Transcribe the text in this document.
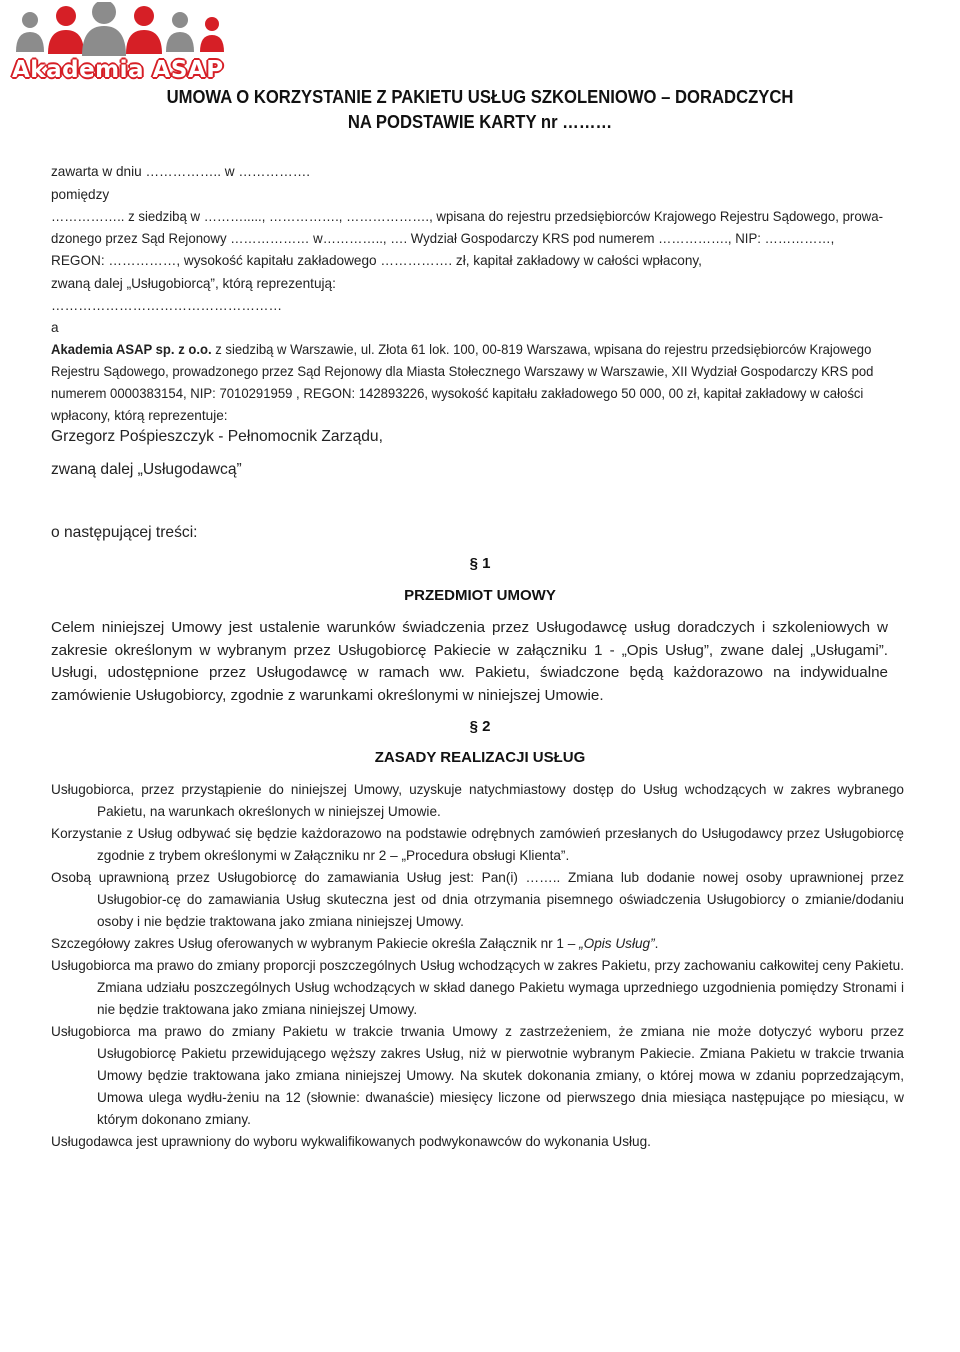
Akademia ASAP
UMOWA O KORZYSTANIE Z PAKIETU USŁUG SZKOLENIOWO – DORADCZYCH
NA PODSTAWIE KARTY nr ………
zawarta w dniu …………….. w …………….
pomiędzy
…………….. z siedzibą w ………....., ……………., ………………., wpisana do rejestru przedsiębiorców Krajowego Rejestru Sądowego, prowa-
dzonego przez Sąd Rejonowy ……………… w………….., …. Wydział Gospodarczy KRS pod numerem ……………., NIP: ……………,
REGON: ……………, wysokość kapitału zakładowego ……………. zł, kapitał zakładowy w całości wpłacony,
zwaną dalej „Usługobiorcą”, którą reprezentują:
……………………………………………
a
Akademia ASAP sp. z o.o. z siedzibą w Warszawie, ul. Złota 61 lok. 100, 00-819 Warszawa, wpisana do rejestru przedsiębiorców Krajowego
Rejestru Sądowego, prowadzonego przez Sąd Rejonowy dla Miasta Stołecznego Warszawy w Warszawie, XII Wydział Gospodarczy KRS pod
numerem 0000383154, NIP: 7010291959 , REGON: 142893226, wysokość kapitału zakładowego 50 000, 00 zł, kapitał zakładowy w całości
wpłacony, którą reprezentuje:
Grzegorz Pośpieszczyk - Pełnomocnik Zarządu,
zwaną dalej „Usługodawcą”
o następującej treści:
§ 1
PRZEDMIOT UMOWY
Celem niniejszej Umowy jest ustalenie warunków świadczenia przez Usługodawcę usług doradczych i szkoleniowych w zakresie określonym w wybranym przez Usługobiorcę Pakiecie w załączniku 1 - „Opis Usług”, zwane dalej „Usługami”. Usługi, udostępnione przez Usługodawcę w ramach ww. Pakietu, świadczone będą każdorazowo na indywidualne zamówienie Usługobiorcy, zgodnie z warunkami określonymi w niniejszej Umowie.
§ 2
ZASADY REALIZACJI USŁUG
Usługobiorca, przez przystąpienie do niniejszej Umowy, uzyskuje natychmiastowy dostęp do Usług wchodzących w zakres wybranego Pakietu, na warunkach określonych w niniejszej Umowie.
Korzystanie z Usług odbywać się będzie każdorazowo na podstawie odrębnych zamówień przesłanych do Usługodawcy przez Usługobiorcę zgodnie z trybem określonymi w Załączniku nr 2 – „Procedura obsługi Klienta”.
Osobą uprawnioną przez Usługobiorcę do zamawiania Usług jest: Pan(i) …….. Zmiana lub dodanie nowej osoby uprawnionej przez Usługobior-cę do zamawiania Usług skuteczna jest od dnia otrzymania pisemnego oświadczenia Usługobiorcy o zmianie/dodaniu osoby i nie będzie traktowana jako zmiana niniejszej Umowy.
Szczegółowy zakres Usług oferowanych w wybranym Pakiecie określa Załącznik nr 1 – „Opis Usług”.
Usługobiorca ma prawo do zmiany proporcji poszczególnych Usług wchodzących w zakres Pakietu, przy zachowaniu całkowitej ceny Pakietu. Zmiana udziału poszczególnych Usług wchodzących w skład danego Pakietu wymaga uprzedniego uzgodnienia pomiędzy Stronami i nie będzie traktowana jako zmiana niniejszej Umowy.
Usługobiorca ma prawo do zmiany Pakietu w trakcie trwania Umowy z zastrzeżeniem, że zmiana nie może dotyczyć wyboru przez Usługobiorcę Pakietu przewidującego węższy zakres Usług, niż w pierwotnie wybranym Pakiecie. Zmiana Pakietu w trakcie trwania Umowy będzie traktowana jako zmiana niniejszej Umowy. Na skutek dokonania zmiany, o której mowa w zdaniu poprzedzającym, Umowa ulega wydłu-żeniu na 12 (słownie: dwanaście) miesięcy liczone od pierwszego dnia miesiąca następujące po miesiącu, w którym dokonano zmiany.
Usługodawca jest uprawniony do wyboru wykwalifikowanych podwykonawców do wykonania Usług.
